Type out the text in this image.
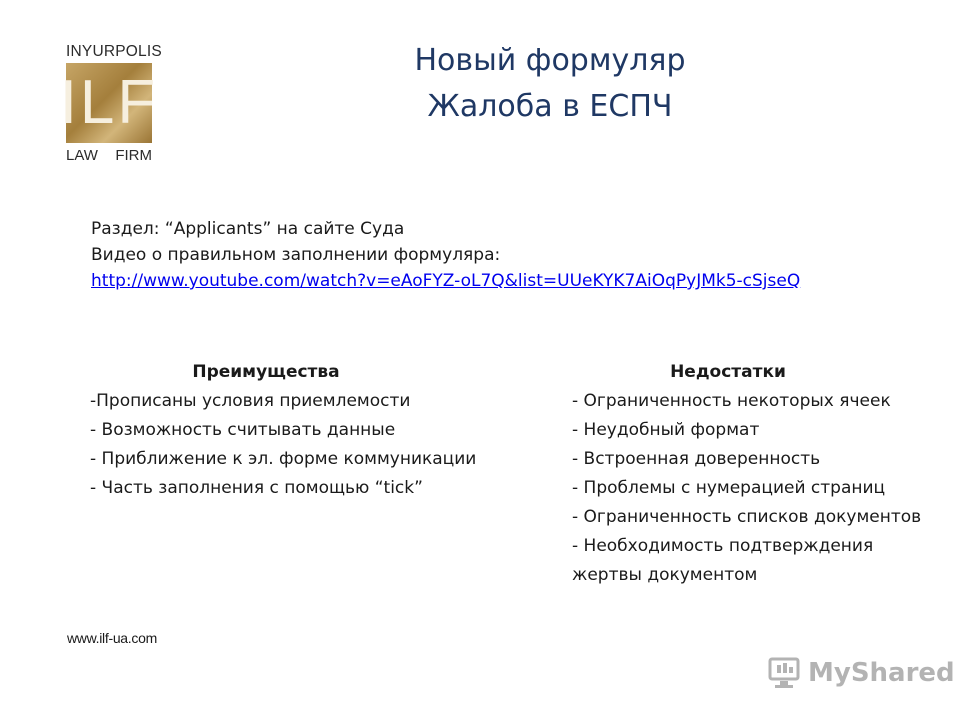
INYURPOLIS
ILF
LAW FIRM
Новый формуляр
Жалоба в ЕСПЧ
Раздел: “Applicants” на сайте Суда
Видео о правильном заполнении формуляра:
http://www.youtube.com/watch?v=eAoFYZ-oL7Q&list=UUeKYK7AiOqPyJMk5-cSjseQ
Преимущества
-Прописаны условия приемлемости
- Возможность считывать данные
- Приближение к эл. форме коммуникации
- Часть заполнения с помощью “tick”
Недостатки
- Ограниченность некоторых ячеек
- Неудобный формат
- Встроенная доверенность
- Проблемы с нумерацией страниц
- Ограниченность списков документов
- Необходимость подтверждения жертвы документом
www.ilf-ua.com
MyShared
